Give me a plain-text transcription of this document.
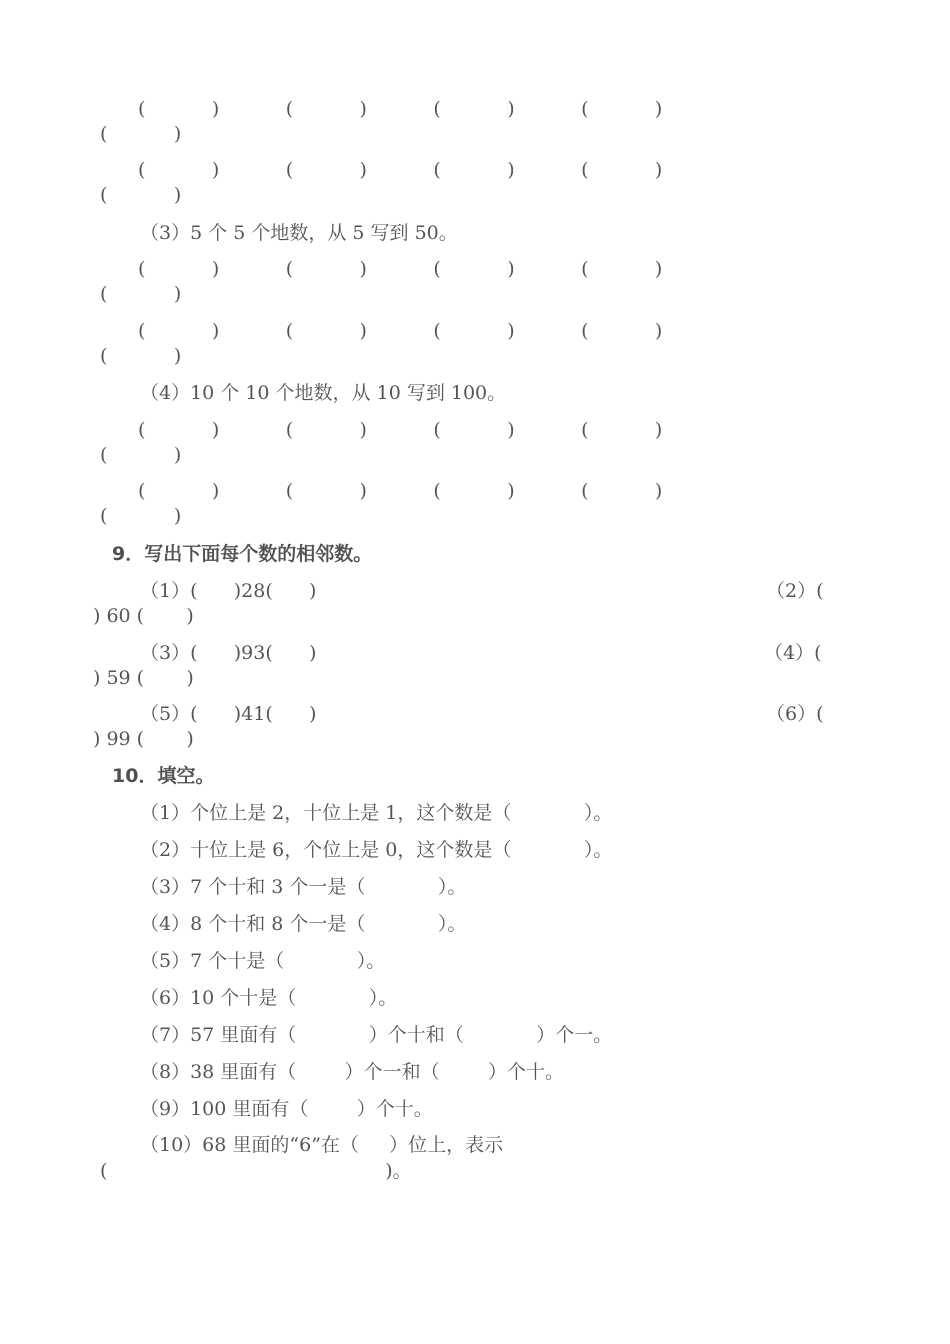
(           )           (           )           (           )           (           )
(           )
(           )           (           )           (           )           (           )
(           )
（3）5 个 5 个地数，从 5 写到 50。
(           )           (           )           (           )           (           )
(           )
(           )           (           )           (           )           (           )
(           )
（4）10 个 10 个地数，从 10 写到 100。
(           )           (           )           (           )           (           )
(           )
(           )           (           )           (           )           (           )
(           )
9．写出下面每个数的相邻数。
（1）(      )28(      )	（2）(
) 60 (       )
（3）(      )93(      )	（4）(
) 59 (       )
（5）(      )41(      )	（6）(
) 99 (       )
10．填空。
（1）个位上是 2，十位上是 1，这个数是（            ）。
（2）十位上是 6，个位上是 0，这个数是（            ）。
（3）7 个十和 3 个一是（            ）。
（4）8 个十和 8 个一是（            ）。
（5）7 个十是（            ）。
（6）10 个十是（            ）。
（7）57 里面有（            ）个十和（            ）个一。
（8）38 里面有（        ）个一和（        ）个十。
（9）100 里面有（        ）个十。
（10）68 里面的“6”在（     ）位上，表示
(                                              )。
